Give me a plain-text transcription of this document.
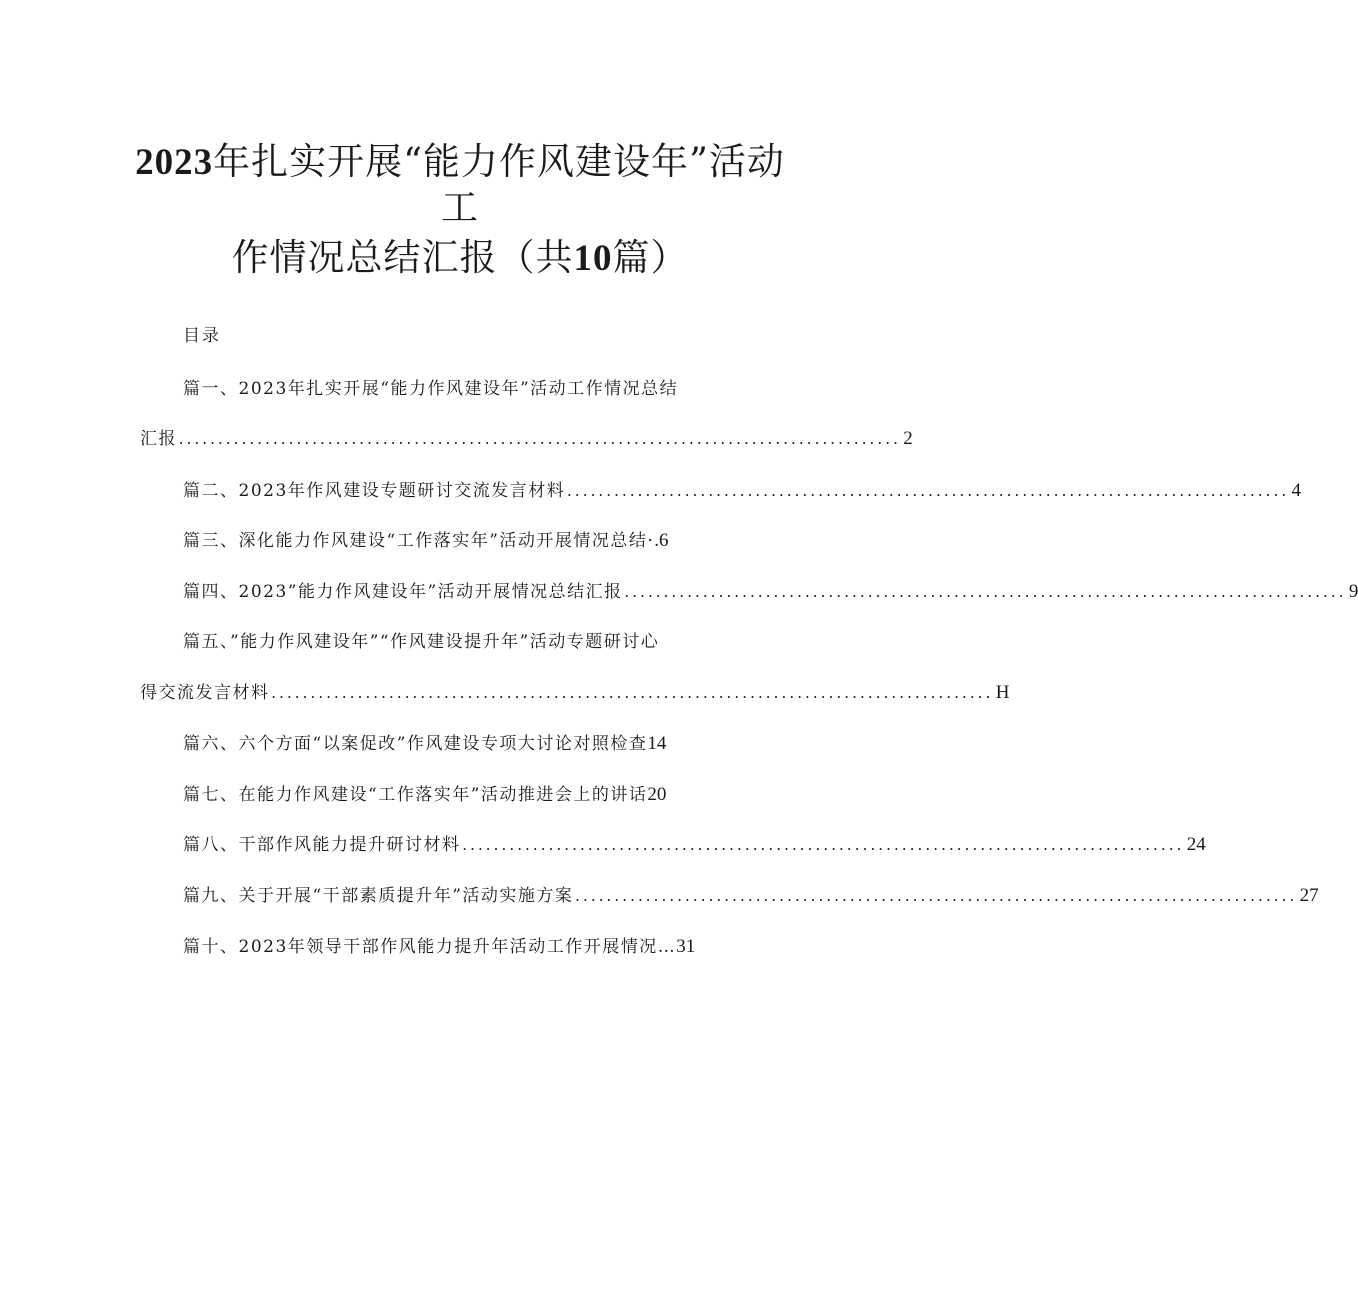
2023年扎实开展“能力作风建设年”活动
工
作情况总结汇报（共10篇）
目录
篇一、2023年扎实开展“能力作风建设年”活动工作情况总结
汇报 ............................................................................................ 2
篇二、2023年作风建设专题研讨交流发言材料 ............................................................................................ 4
篇三、深化能力作风建设“工作落实年”活动开展情况总结·.6
篇四、2023”能力作风建设年”活动开展情况总结汇报 ............................................................................................ 9
篇五、”能力作风建设年”“作风建设提升年”活动专题研讨心
得交流发言材料 ............................................................................................ H
篇六、六个方面“以案促改”作风建设专项大讨论对照检查14
篇七、在能力作风建设“工作落实年”活动推进会上的讲话20
篇八、干部作风能力提升研讨材料 ............................................................................................ 24
篇九、关于开展“干部素质提升年”活动实施方案 ............................................................................................ 27
篇十、2023年领导干部作风能力提升年活动工作开展情况…31
